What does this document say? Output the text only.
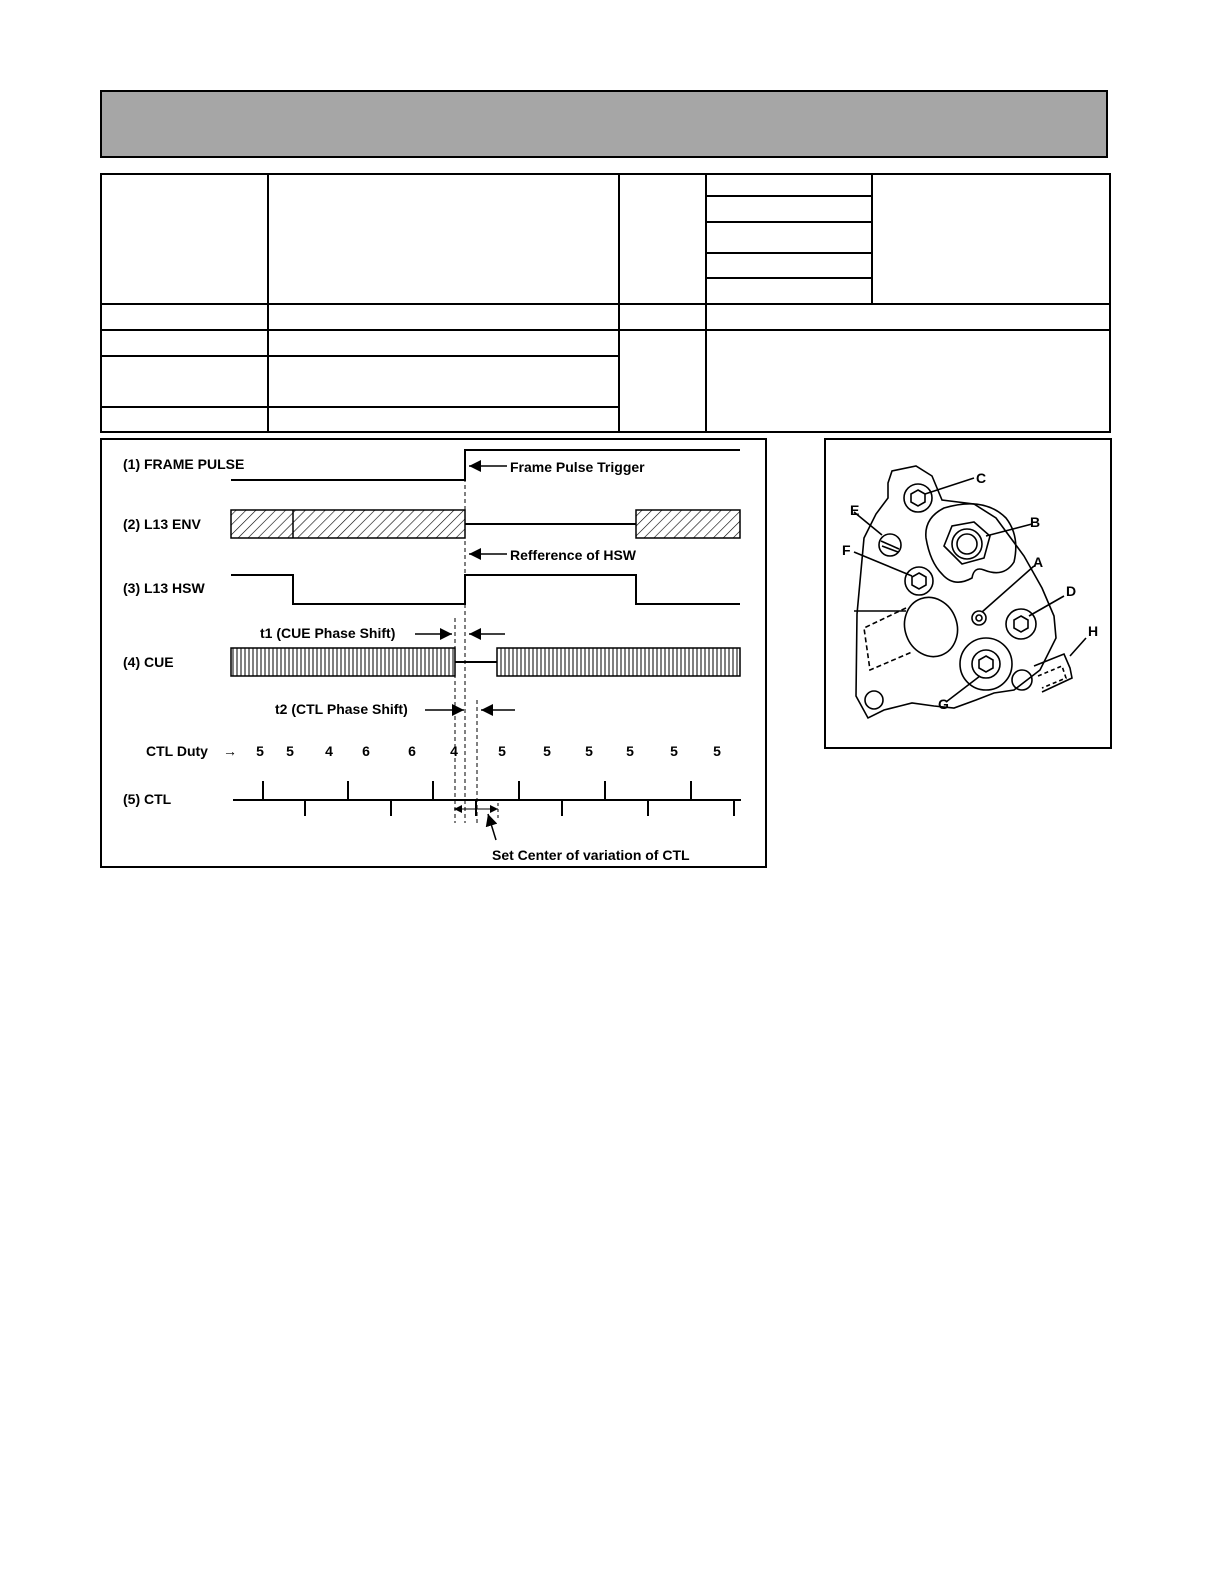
(1) FRAME PULSE
(2) L13 ENV
(3) L13 HSW
(4) CUE
(5) CTL
Frame Pulse Trigger
Refference of HSW
t1 (CUE Phase Shift)
t2 (CTL Phase Shift)
CTL Duty → 5 5 4 6	6 4	5	5 5 5	5	5
Set Center of variation of CTL
E
F
C
B
A
D
H
G
